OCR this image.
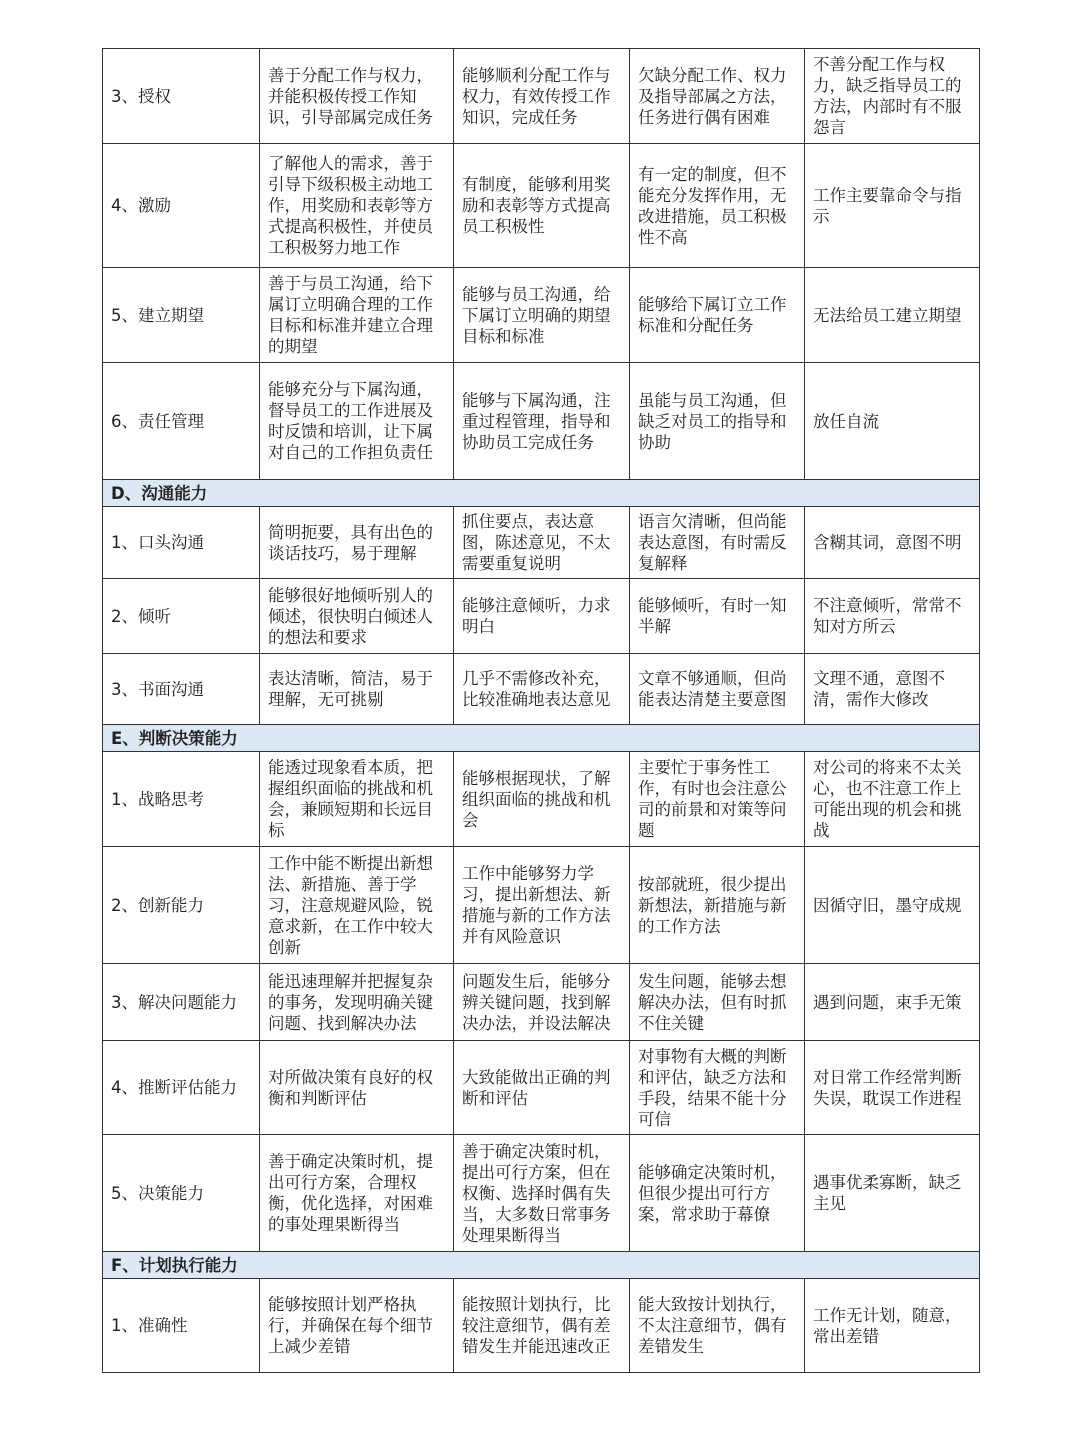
3、授权	善于分配工作与权力，并能积极传授工作知识，引导部属完成任务	能够顺利分配工作与权力，有效传授工作知识，完成任务	欠缺分配工作、权力及指导部属之方法，任务进行偶有困难	不善分配工作与权力，缺乏指导员工的方法，内部时有不服怨言
4、激励	了解他人的需求，善于引导下级积极主动地工作，用奖励和表彰等方式提高积极性，并使员工积极努力地工作	有制度，能够利用奖励和表彰等方式提高员工积极性	有一定的制度，但不能充分发挥作用，无改进措施，员工积极性不高	工作主要靠命令与指示
5、建立期望	善于与员工沟通，给下属订立明确合理的工作目标和标准并建立合理的期望	能够与员工沟通，给下属订立明确的期望目标和标准	能够给下属订立工作标准和分配任务	无法给员工建立期望
6、责任管理	能够充分与下属沟通，督导员工的工作进展及时反馈和培训，让下属对自己的工作担负责任	能够与下属沟通，注重过程管理，指导和协助员工完成任务	虽能与员工沟通，但缺乏对员工的指导和协助	放任自流
D、沟通能力				
1、口头沟通	简明扼要，具有出色的谈话技巧，易于理解	抓住要点，表达意图，陈述意见，不太需要重复说明	语言欠清晰，但尚能表达意图，有时需反复解释	含糊其词，意图不明
2、倾听	能够很好地倾听别人的倾述，很快明白倾述人的想法和要求	能够注意倾听，力求明白	能够倾听，有时一知半解	不注意倾听，常常不知对方所云
3、书面沟通	表达清晰，简洁，易于理解，无可挑剔	几乎不需修改补充，比较准确地表达意见	文章不够通顺，但尚能表达清楚主要意图	文理不通，意图不清，需作大修改
E、判断决策能力				
1、战略思考	能透过现象看本质，把握组织面临的挑战和机会，兼顾短期和长远目标	能够根据现状，了解组织面临的挑战和机会	主要忙于事务性工作，有时也会注意公司的前景和对策等问题	对公司的将来不太关心，也不注意工作上可能出现的机会和挑战
2、创新能力	工作中能不断提出新想法、新措施、善于学习，注意规避风险，锐意求新，在工作中较大创新	工作中能够努力学习，提出新想法、新措施与新的工作方法并有风险意识	按部就班，很少提出新想法，新措施与新的工作方法	因循守旧，墨守成规
3、解决问题能力	能迅速理解并把握复杂的事务，发现明确关键问题、找到解决办法	问题发生后，能够分辨关键问题，找到解决办法，并设法解决	发生问题，能够去想解决办法，但有时抓不住关键	遇到问题，束手无策
4、推断评估能力	对所做决策有良好的权衡和判断评估	大致能做出正确的判断和评估	对事物有大概的判断和评估，缺乏方法和手段，结果不能十分可信	对日常工作经常判断失误，耽误工作进程
5、决策能力	善于确定决策时机，提出可行方案，合理权衡，优化选择，对困难的事处理果断得当	善于确定决策时机，提出可行方案，但在权衡、选择时偶有失当，大多数日常事务处理果断得当	能够确定决策时机，但很少提出可行方案，常求助于幕僚	遇事优柔寡断，缺乏主见
F、计划执行能力				
1、准确性	能够按照计划严格执行，并确保在每个细节上减少差错	能按照计划执行，比较注意细节，偶有差错发生并能迅速改正	能大致按计划执行，不太注意细节，偶有差错发生	工作无计划，随意，常出差错
